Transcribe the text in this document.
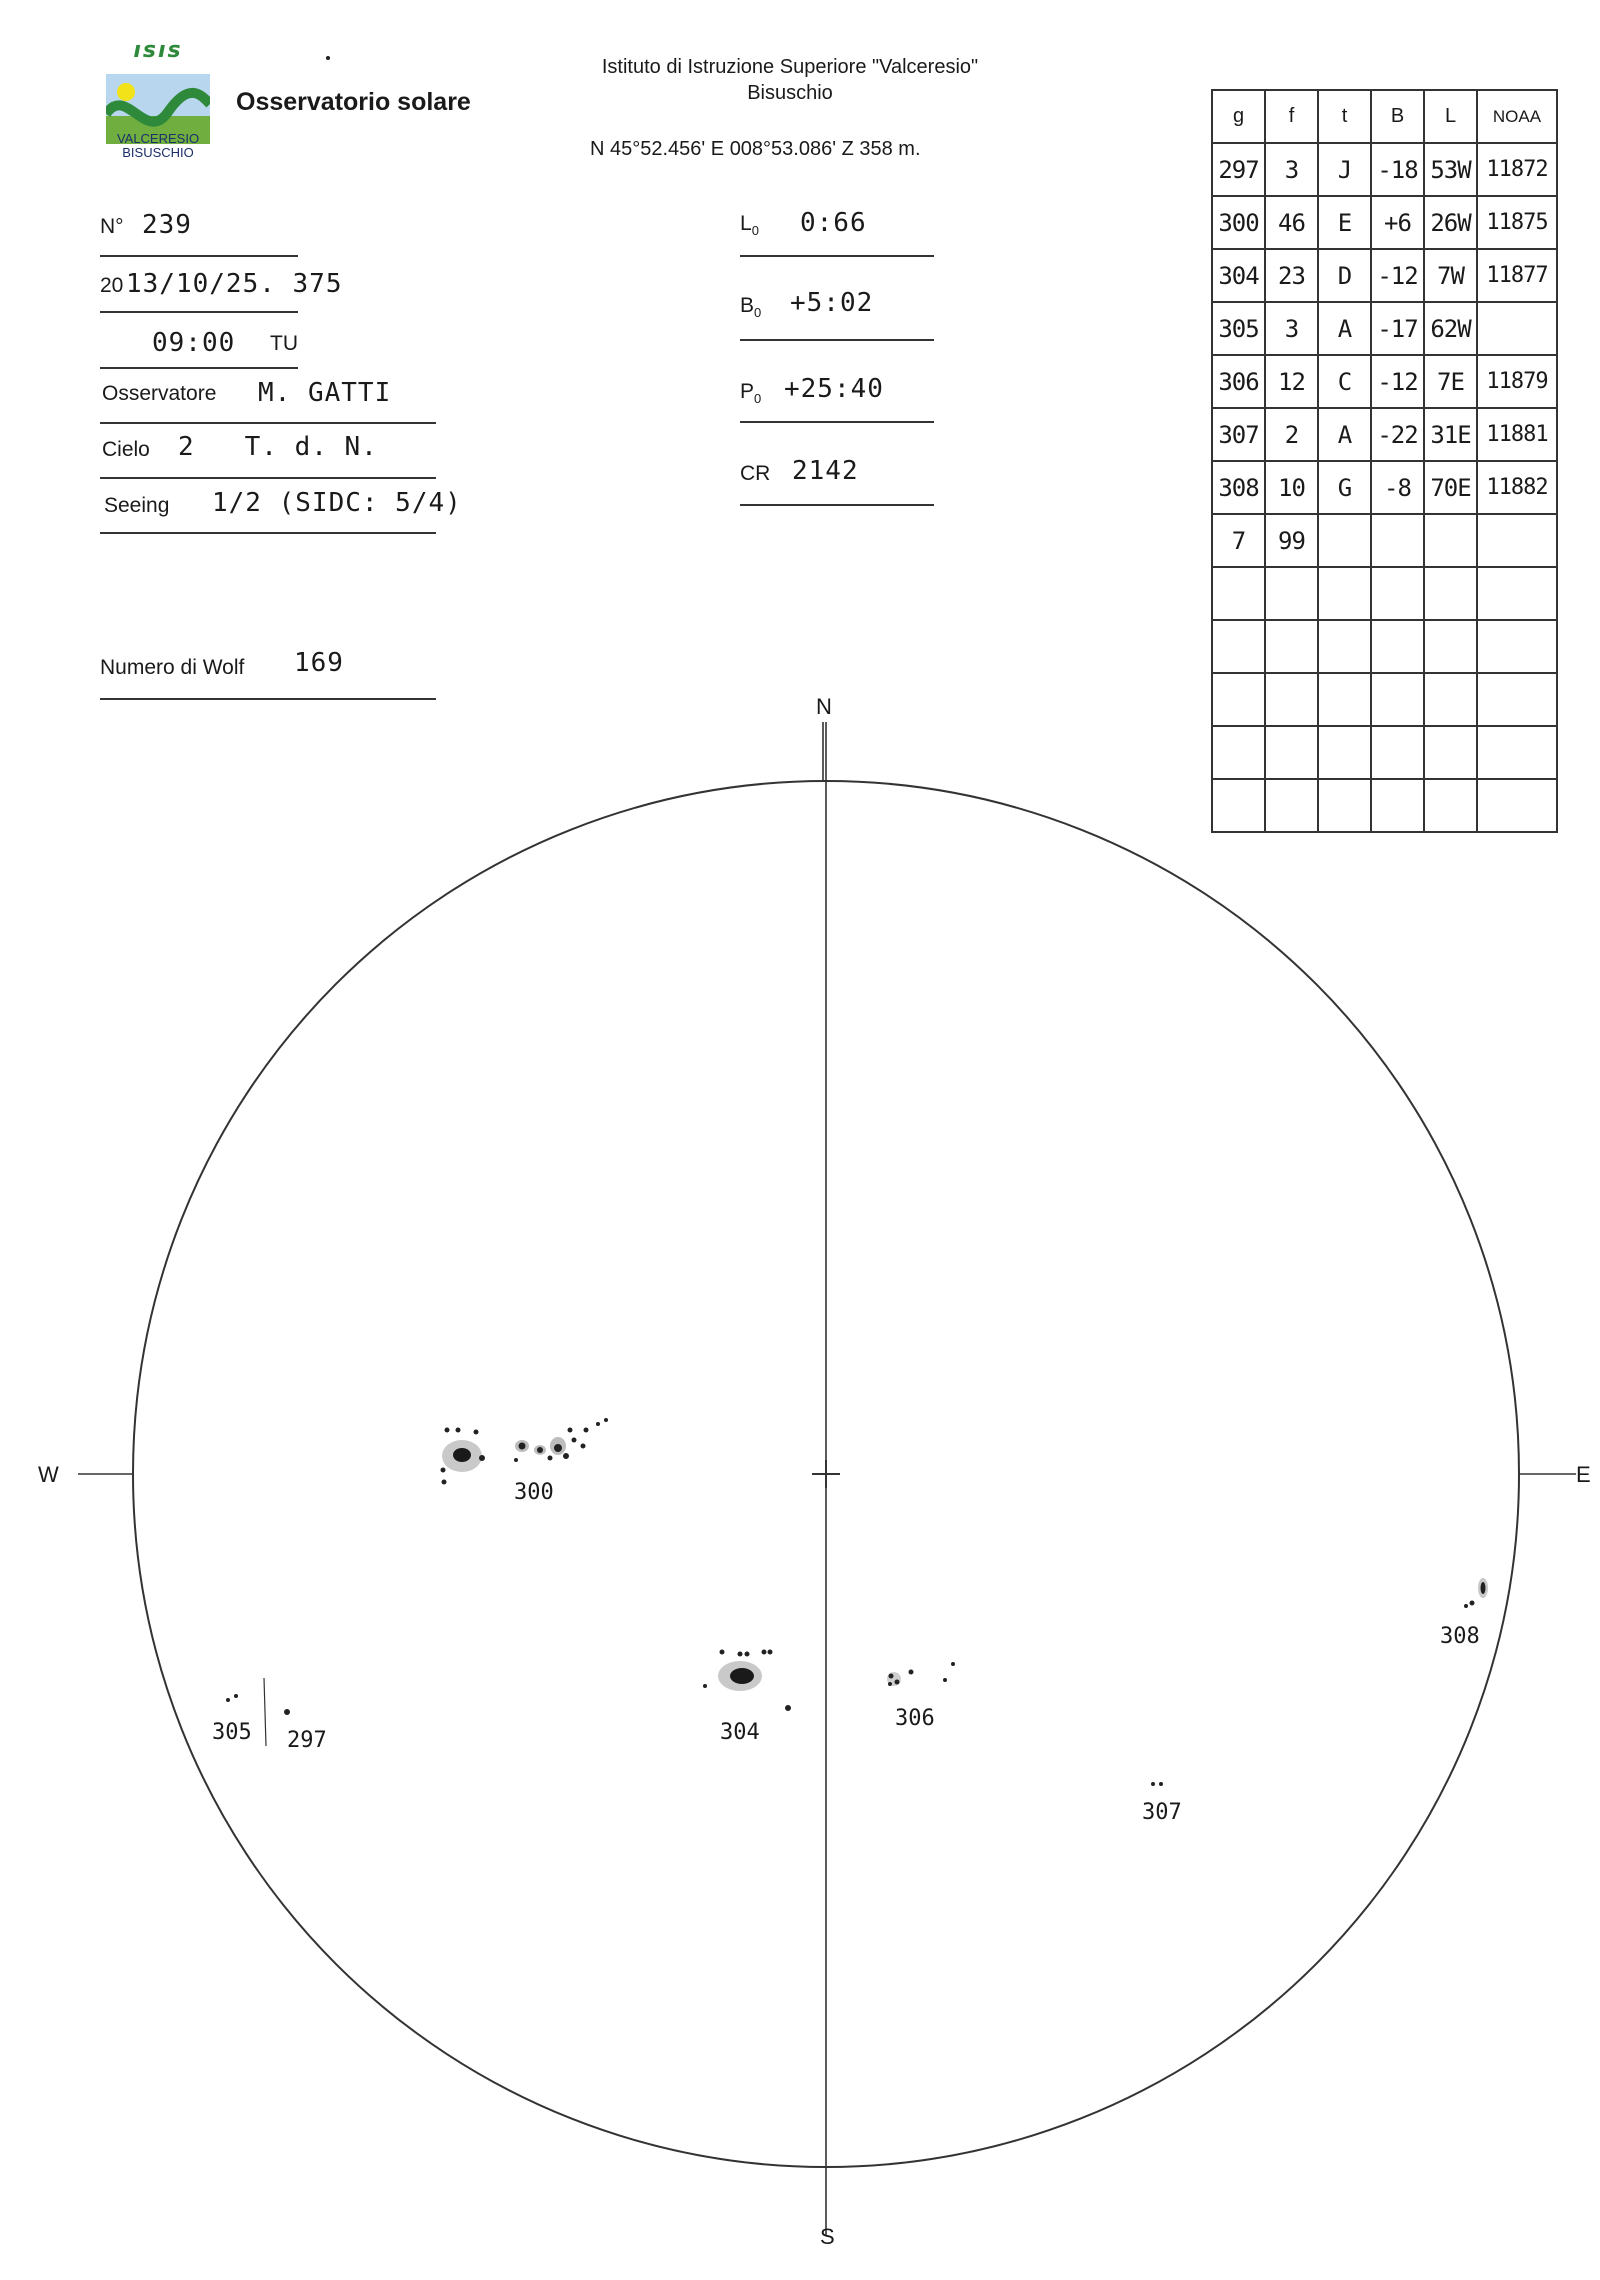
ısıs
VALCERESIO
BISUSCHIO
Osservatorio solare
Istituto di Istruzione Superiore "Valceresio"
Bisuschio
N 45°52.456' E 008°53.086' Z 358 m.
N° 239
20 13/10/25. 375
09:00 TU
Osservatore M. GATTI
Cielo 2   T. d. N.
Seeing 1/2 (SIDC: 5/4)
Numero di Wolf 169
$L_0$ 0:66
$B_0$ +5:02
$P_0$ +25:40
CR 2142
g	f	t	B	L	NOAA
297	3	J	-18	53W	11872
300	46	E	+6	26W	11875
304	23	D	-12	7W	11877
305	3	A	-17	62W	
306	12	C	-12	7E	11879
307	2	A	-22	31E	11881
308	10	G	-8	70E	11882
7	99				

N
S
W	E
300
304
305 297
306
307
308
